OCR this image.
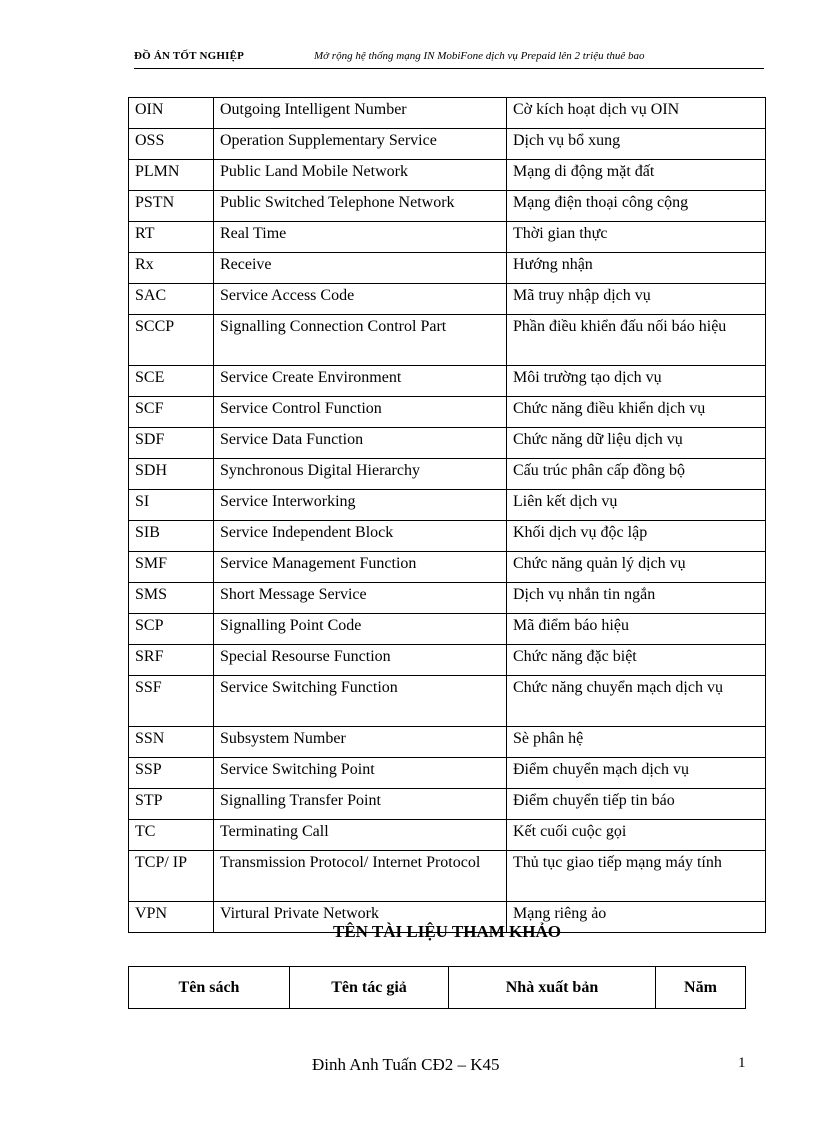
ĐỒ ÁN TỐT NGHIỆP	Mở rộng hệ thống mạng IN MobiFone dịch vụ Prepaid lên 2 triệu thuê bao
OIN	Outgoing Intelligent Number	Cờ kích hoạt dịch vụ OIN
OSS	Operation Supplementary Service	Dịch vụ bổ xung
PLMN	Public Land Mobile Network	Mạng di động mặt đất
PSTN	Public Switched Telephone Network	Mạng điện thoại công cộng
RT	Real Time	Thời gian thực
Rx	Receive	Hướng nhận
SAC	Service Access Code	Mã truy nhập dịch vụ
SCCP	Signalling Connection Control Part	Phần điều khiển đấu nối báo hiệu
SCE	Service Create Environment	Môi trường tạo dịch vụ
SCF	Service Control Function	Chức năng điều khiển dịch vụ
SDF	Service Data Function	Chức năng dữ liệu dịch vụ
SDH	Synchronous Digital Hierarchy	Cấu trúc phân cấp đồng bộ
SI	Service Interworking	Liên kết dịch vụ
SIB	Service Independent Block	Khối dịch vụ độc lập
SMF	Service Management Function	Chức năng quản lý dịch vụ
SMS	Short Message Service	Dịch vụ nhắn tin ngắn
SCP	Signalling Point Code	Mã điểm báo hiệu
SRF	Special Resourse Function	Chức năng đặc biệt
SSF	Service Switching Function	Chức năng chuyển mạch dịch vụ
SSN	Subsystem Number	Sè phân hệ
SSP	Service Switching Point	Điểm chuyển mạch dịch vụ
STP	Signalling Transfer Point	Điểm chuyển tiếp tin báo
TC	Terminating Call	Kết cuối cuộc gọi
TCP/ IP	Transmission Protocol/ Internet Protocol	Thủ tục giao tiếp mạng máy tính
VPN	Virtural Private Network	Mạng riêng ảo
TÊN TÀI LIỆU THAM KHẢO
Tên sách	Tên tác giả	Nhà xuất bản	Năm
Đinh Anh Tuấn CĐ2 – K45	1
